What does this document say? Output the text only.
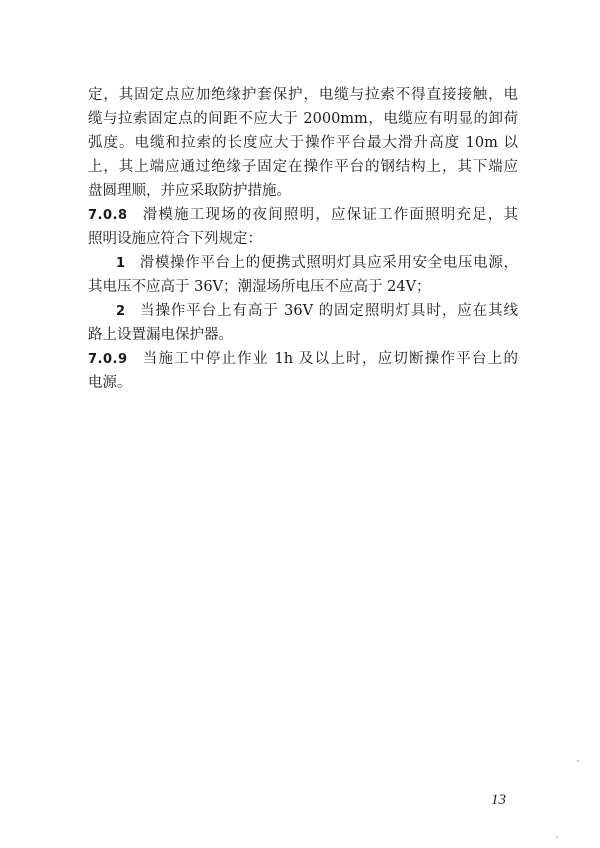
定，其固定点应加绝缘护套保护，电缆与拉索不得直接接触，电
缆与拉索固定点的间距不应大于 2000mm，电缆应有明显的卸荷
弧度。电缆和拉索的长度应大于操作平台最大滑升高度 10m 以
上，其上端应通过绝缘子固定在操作平台的钢结构上，其下端应
盘圆理顺，并应采取防护措施。
7.0.8 滑模施工现场的夜间照明，应保证工作面照明充足，其
照明设施应符合下列规定：
1 滑模操作平台上的便携式照明灯具应采用安全电压电源，
其电压不应高于 36V；潮湿场所电压不应高于 24V；
2 当操作平台上有高于 36V 的固定照明灯具时，应在其线
路上设置漏电保护器。
7.0.9 当施工中停止作业 1h 及以上时，应切断操作平台上的
电源。
13
